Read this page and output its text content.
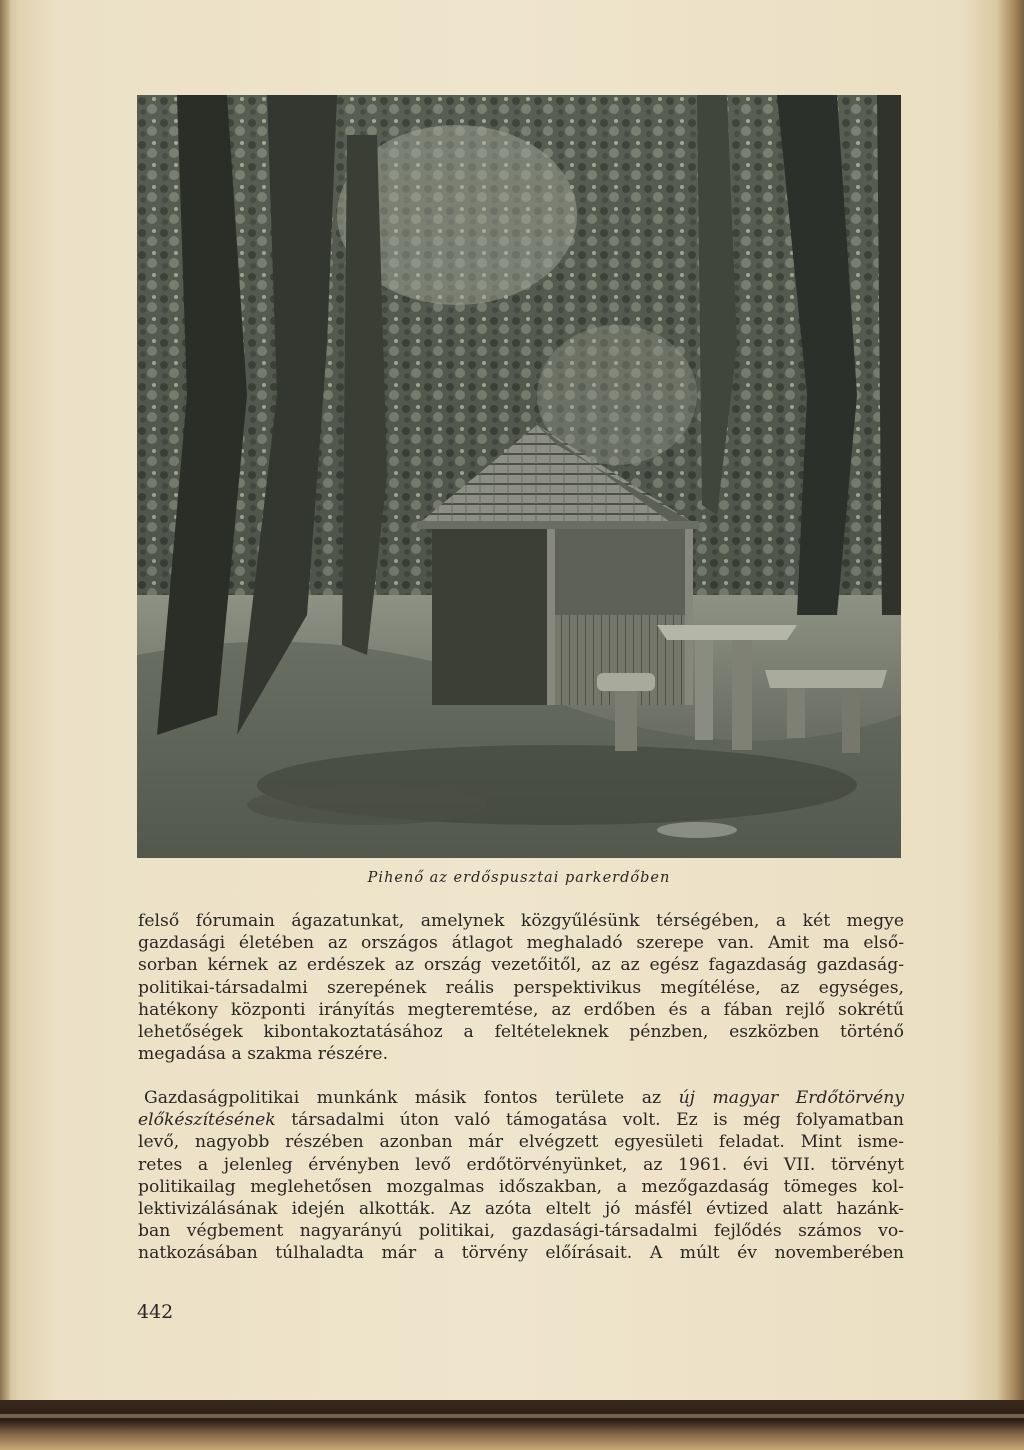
Pihenő az erdőspusztai parkerdőben
felső fórumain ágazatunkat, amelynek közgyűlésünk térségében, a két megye
gazdasági életében az országos átlagot meghaladó szerepe van. Amit ma első-
sorban kérnek az erdészek az ország vezetőitől, az az egész fagazdaság gazdaság-
politikai-társadalmi szerepének reális perspektivikus megítélése, az egységes,
hatékony központi irányítás megteremtése, az erdőben és a fában rejlő sokrétű
lehetőségek kibontakoztatásához a feltételeknek pénzben, eszközben történő
megadása a szakma részére.
Gazdaságpolitikai munkánk másik fontos területe az új magyar Erdőtörvény
előkészítésének társadalmi úton való támogatása volt. Ez is még folyamatban
levő, nagyobb részében azonban már elvégzett egyesületi feladat. Mint isme-
retes a jelenleg érvényben levő erdőtörvényünket, az 1961. évi VII. törvényt
politikailag meglehetősen mozgalmas időszakban, a mezőgazdaság tömeges kol-
lektivizálásának idején alkották. Az azóta eltelt jó másfél évtized alatt hazánk-
ban végbement nagyarányú politikai, gazdasági-társadalmi fejlődés számos vo-
natkozásában túlhaladta már a törvény előírásait. A múlt év novemberében
442
